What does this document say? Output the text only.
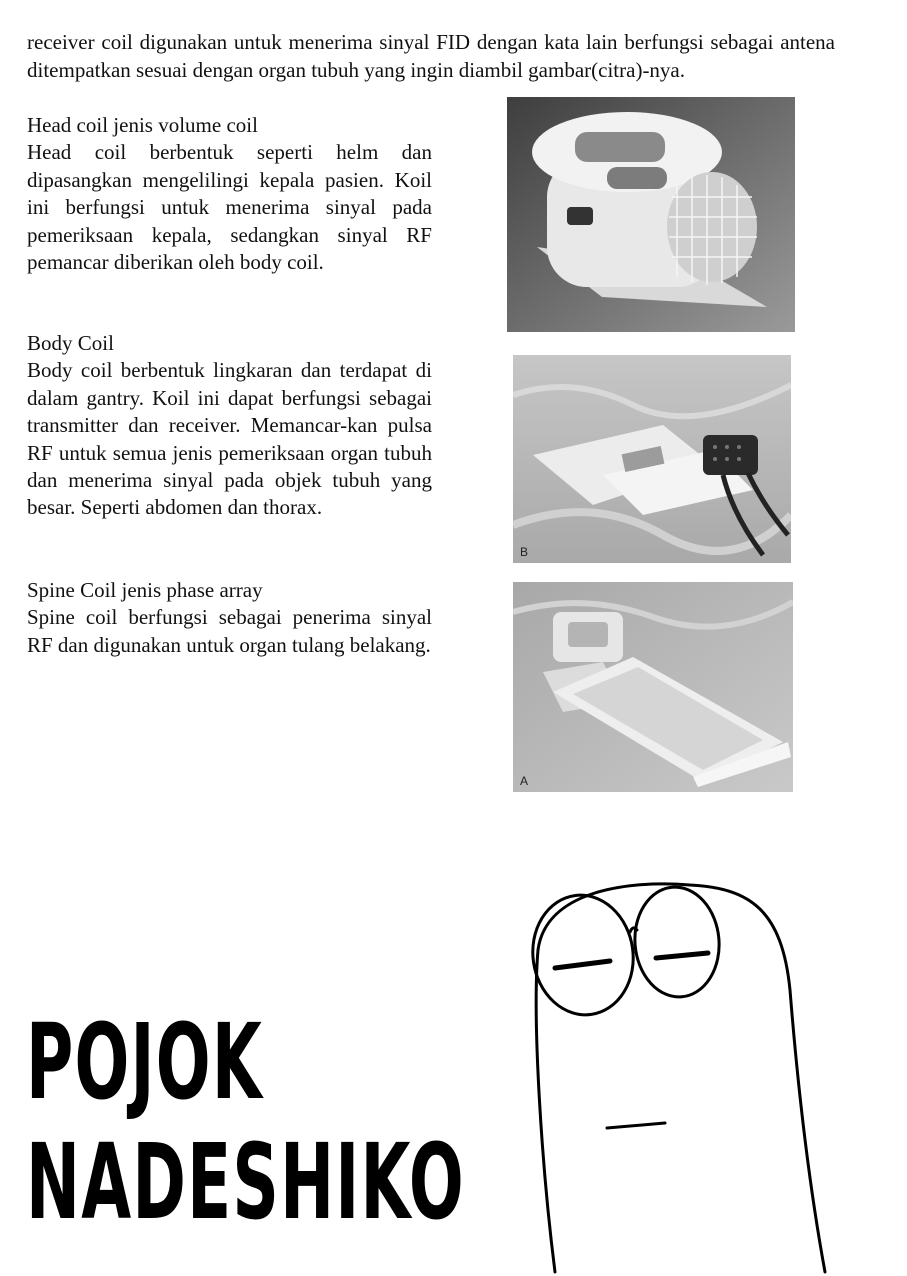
receiver coil digunakan untuk menerima sinyal FID dengan kata lain berfungsi sebagai antena ditempatkan sesuai dengan organ tubuh yang ingin diambil gambar(citra)-nya.
Head coil jenis volume coil
Head coil berbentuk seperti helm dan dipasangkan mengelilingi kepala pasien. Koil ini berfungsi untuk menerima sinyal pada pemeriksaan kepala, sedangkan sinyal RF pemancar diberikan oleh body coil.
Body Coil
Body coil berbentuk lingkaran dan terdapat di dalam gantry. Koil ini dapat berfungsi sebagai transmitter dan receiver. Memancar-kan pulsa RF untuk semua jenis pemeriksaan organ tubuh dan menerima sinyal pada objek tubuh yang besar. Seperti abdomen dan thorax.
Spine Coil jenis phase array
Spine coil berfungsi sebagai penerima sinyal RF dan digunakan untuk organ tulang belakang.
B
A
POJOK
NADESHIKO
